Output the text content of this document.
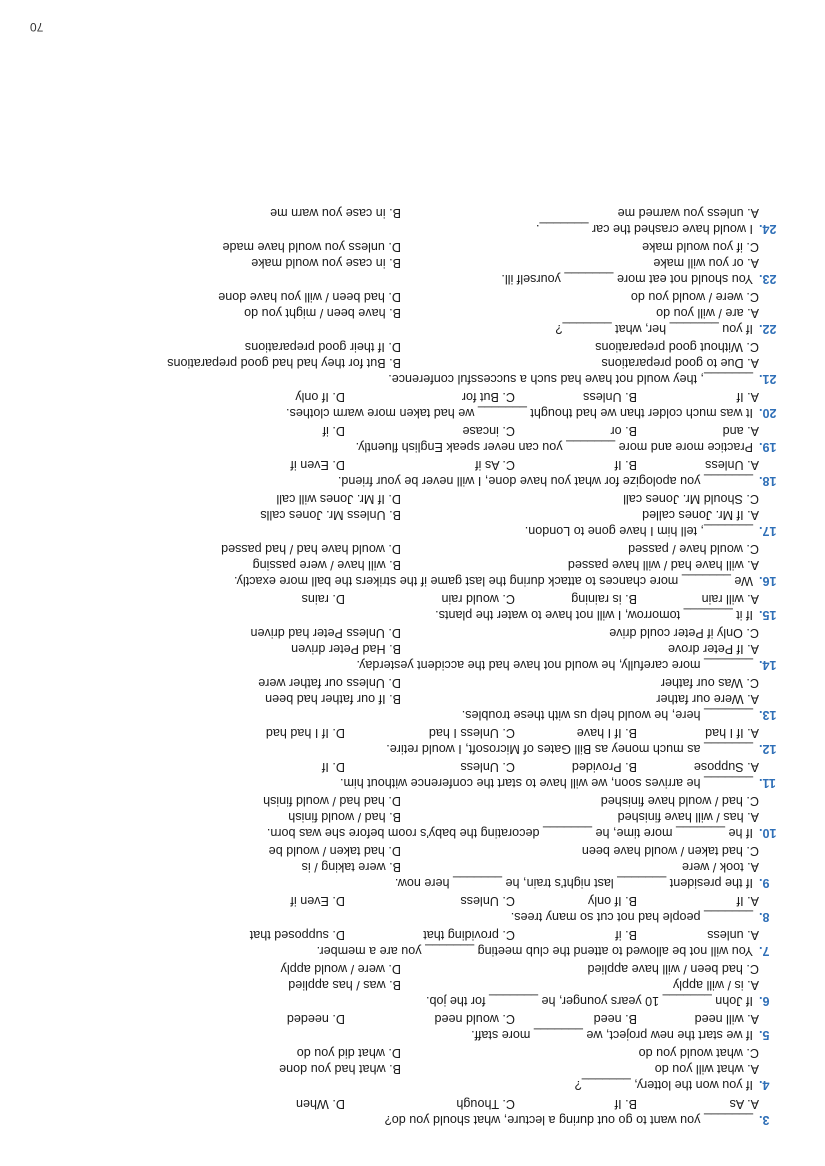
3.
_______ you want to go out during a lecture, what should you do?
A. As
B. If
C. Though
D. When
4.
If you won the lottery, _______?
A. what will you do
B. what had you done
C. what would you do
D. what did you do
5.
If we start the new project, we _______ more staff.
A. will need
B. need
C. would need
D. needed
6.
If John _______ 10 years younger, he _______ for the job.
A. is / will apply
B. was / has applied
C. had been / will have applied
D. were / would apply
7.
You will not be allowed to attend the club meeting _______ you are a member.
A. unless
B. if
C. providing that
D. supposed that
8.
_______ people had not cut so many trees.
A. If
B. If only
C. Unless
D. Even if
9.
If the president _______ last night's train, he _______ here now.
A. took / were
B. were taking / is
C. had taken / would have been
D. had taken / would be
10.
If he _______ more time, he _______ decorating the baby's room before she was born.
A. has / will have finished
B. had / would finish
C. had / would have finished
D. had had / would finish
11.
_______ he arrives soon, we will have to start the conference without him.
A. Suppose
B. Provided
C. Unless
D. If
12.
_______ as much money as Bill Gates of Microsoft, I would retire.
A. If I had
B. If I have
C. Unless I had
D. If I had had
13.
_______ here, he would help us with these troubles.
A. Were our father
B. If our father had been
C. Was our father
D. Unless our father were
14.
_______ more carefully, he would not have had the accident yesterday.
A. If Peter drove
B. Had Peter driven
C. Only if Peter could drive
D. Unless Peter had driven
15.
If it _______ tomorrow, I will not have to water the plants.
A. will rain
B. is raining
C. would rain
D. rains
16.
We _______ more chances to attack during the last game if the strikers the ball more exactly.
A. will have had / will have passed
B. will have / were passing
C. would have / passed
D. would have had / had passed
17.
_______, tell him I have gone to London.
A. If Mr. Jones called
B. Unless Mr. Jones calls
C. Should Mr. Jones call
D. If Mr. Jones will call
18.
_______ you apologize for what you have done, I will never be your friend.
A. Unless
B. If
C. As if
D. Even if
19.
Practice more and more _______ you can never speak English fluently.
A. and
B. or
C. incase
D. if
20.
It was much colder than we had thought _______ we had taken more warm clothes.
A. If
B. Unless
C. But for
D. If only
21.
_______, they would not have had such a successful conference.
A. Due to good preparations
B. But for they had had good preparations
C. Without good preparations
D. If their good preparations
22.
If you _______ her, what _______?
A. are / will you do
B. have been / might you do
C. were / would you do
D. had been / will you have done
23.
You should not eat more _______ yourself ill.
A. or you will make
B. in case you would make
C. if you would make
D. unless you would have made
24.
I would have crashed the car _______.
A. unless you warned me
B. in case you warn me
70
